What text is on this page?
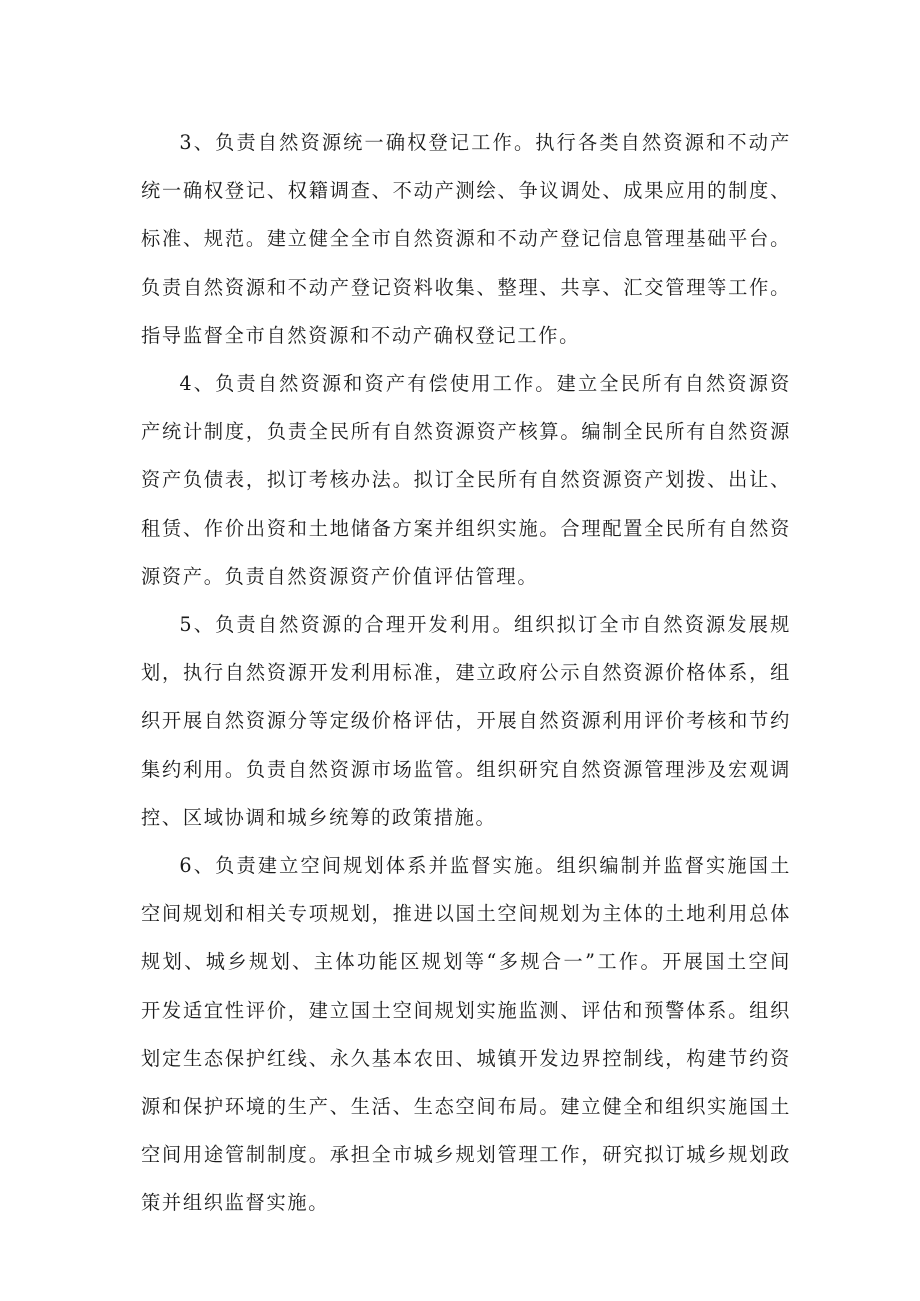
3、负责自然资源统一确权登记工作。执行各类自然资源和不动产统一确权登记、权籍调查、不动产测绘、争议调处、成果应用的制度、标准、规范。建立健全全市自然资源和不动产登记信息管理基础平台。负责自然资源和不动产登记资料收集、整理、共享、汇交管理等工作。指导监督全市自然资源和不动产确权登记工作。

4、负责自然资源和资产有偿使用工作。建立全民所有自然资源资产统计制度，负责全民所有自然资源资产核算。编制全民所有自然资源资产负债表，拟订考核办法。拟订全民所有自然资源资产划拨、出让、租赁、作价出资和土地储备方案并组织实施。合理配置全民所有自然资源资产。负责自然资源资产价值评估管理。

5、负责自然资源的合理开发利用。组织拟订全市自然资源发展规划，执行自然资源开发利用标准，建立政府公示自然资源价格体系，组织开展自然资源分等定级价格评估，开展自然资源利用评价考核和节约集约利用。负责自然资源市场监管。组织研究自然资源管理涉及宏观调控、区域协调和城乡统筹的政策措施。

6、负责建立空间规划体系并监督实施。组织编制并监督实施国土空间规划和相关专项规划，推进以国土空间规划为主体的土地利用总体规划、城乡规划、主体功能区规划等“多规合一”工作。开展国土空间开发适宜性评价，建立国土空间规划实施监测、评估和预警体系。组织划定生态保护红线、永久基本农田、城镇开发边界控制线，构建节约资源和保护环境的生产、生活、生态空间布局。建立健全和组织实施国土空间用途管制制度。承担全市城乡规划管理工作，研究拟订城乡规划政策并组织监督实施。
